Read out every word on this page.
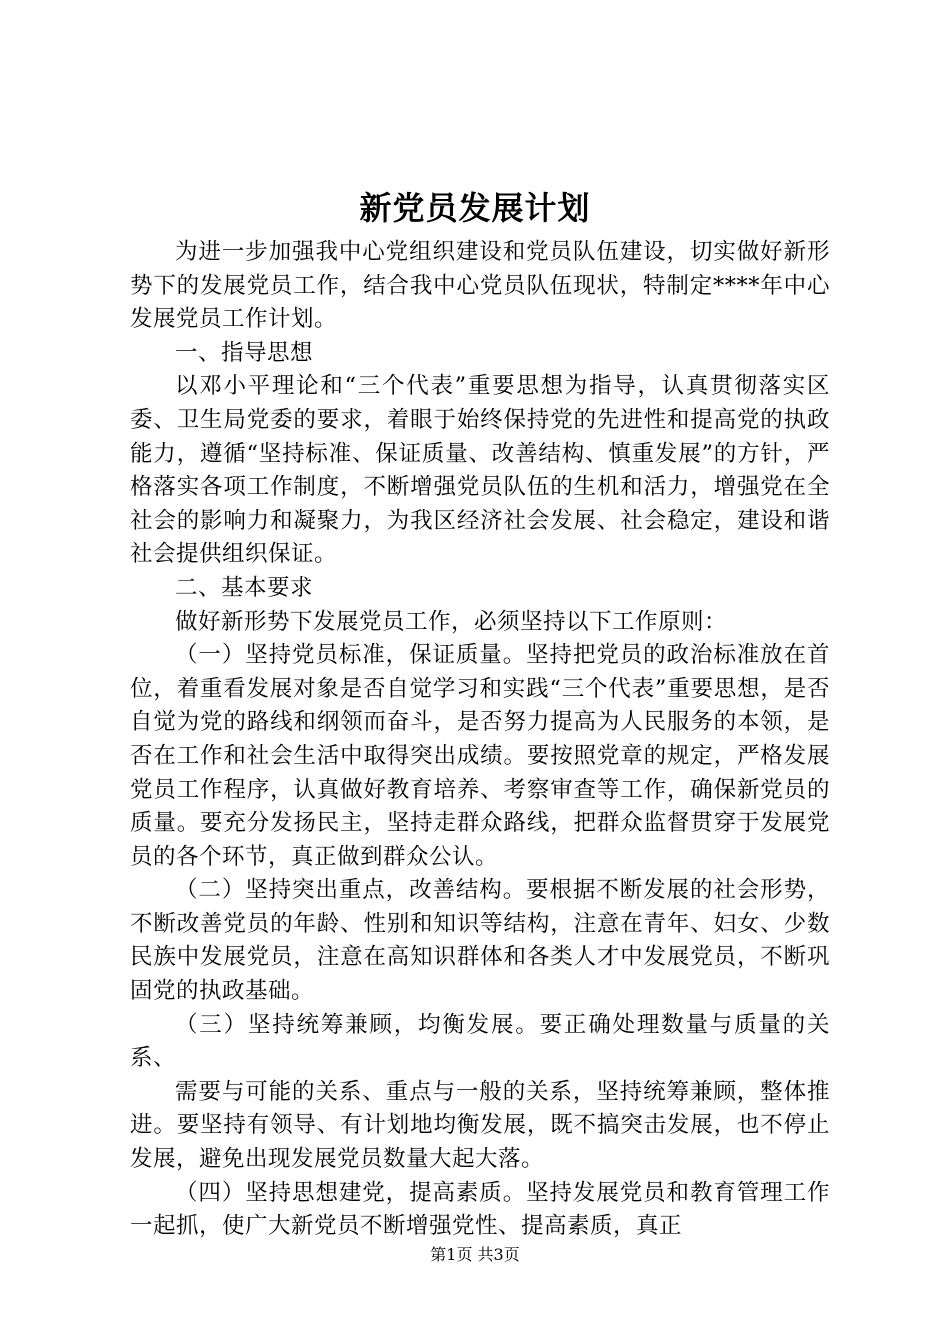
新党员发展计划

为进一步加强我中心党组织建设和党员队伍建设，切实做好新形势下的发展党员工作，结合我中心党员队伍现状，特制定****年中心发展党员工作计划。

一、指导思想

以邓小平理论和“三个代表”重要思想为指导，认真贯彻落实区委、卫生局党委的要求，着眼于始终保持党的先进性和提高党的执政能力，遵循“坚持标准、保证质量、改善结构、慎重发展”的方针，严格落实各项工作制度，不断增强党员队伍的生机和活力，增强党在全社会的影响力和凝聚力，为我区经济社会发展、社会稳定，建设和谐社会提供组织保证。

二、基本要求

做好新形势下发展党员工作，必须坚持以下工作原则：

（一）坚持党员标准，保证质量。坚持把党员的政治标准放在首位，着重看发展对象是否自觉学习和实践“三个代表”重要思想，是否自觉为党的路线和纲领而奋斗，是否努力提高为人民服务的本领，是否在工作和社会生活中取得突出成绩。要按照党章的规定，严格发展党员工作程序，认真做好教育培养、考察审查等工作，确保新党员的质量。要充分发扬民主，坚持走群众路线，把群众监督贯穿于发展党员的各个环节，真正做到群众公认。

（二）坚持突出重点，改善结构。要根据不断发展的社会形势，不断改善党员的年龄、性别和知识等结构，注意在青年、妇女、少数民族中发展党员，注意在高知识群体和各类人才中发展党员，不断巩固党的执政基础。

（三）坚持统筹兼顾，均衡发展。要正确处理数量与质量的关系、

需要与可能的关系、重点与一般的关系，坚持统筹兼顾，整体推进。要坚持有领导、有计划地均衡发展，既不搞突击发展，也不停止发展，避免出现发展党员数量大起大落。

（四）坚持思想建党，提高素质。坚持发展党员和教育管理工作一起抓，使广大新党员不断增强党性、提高素质，真正

第1页 共3页
